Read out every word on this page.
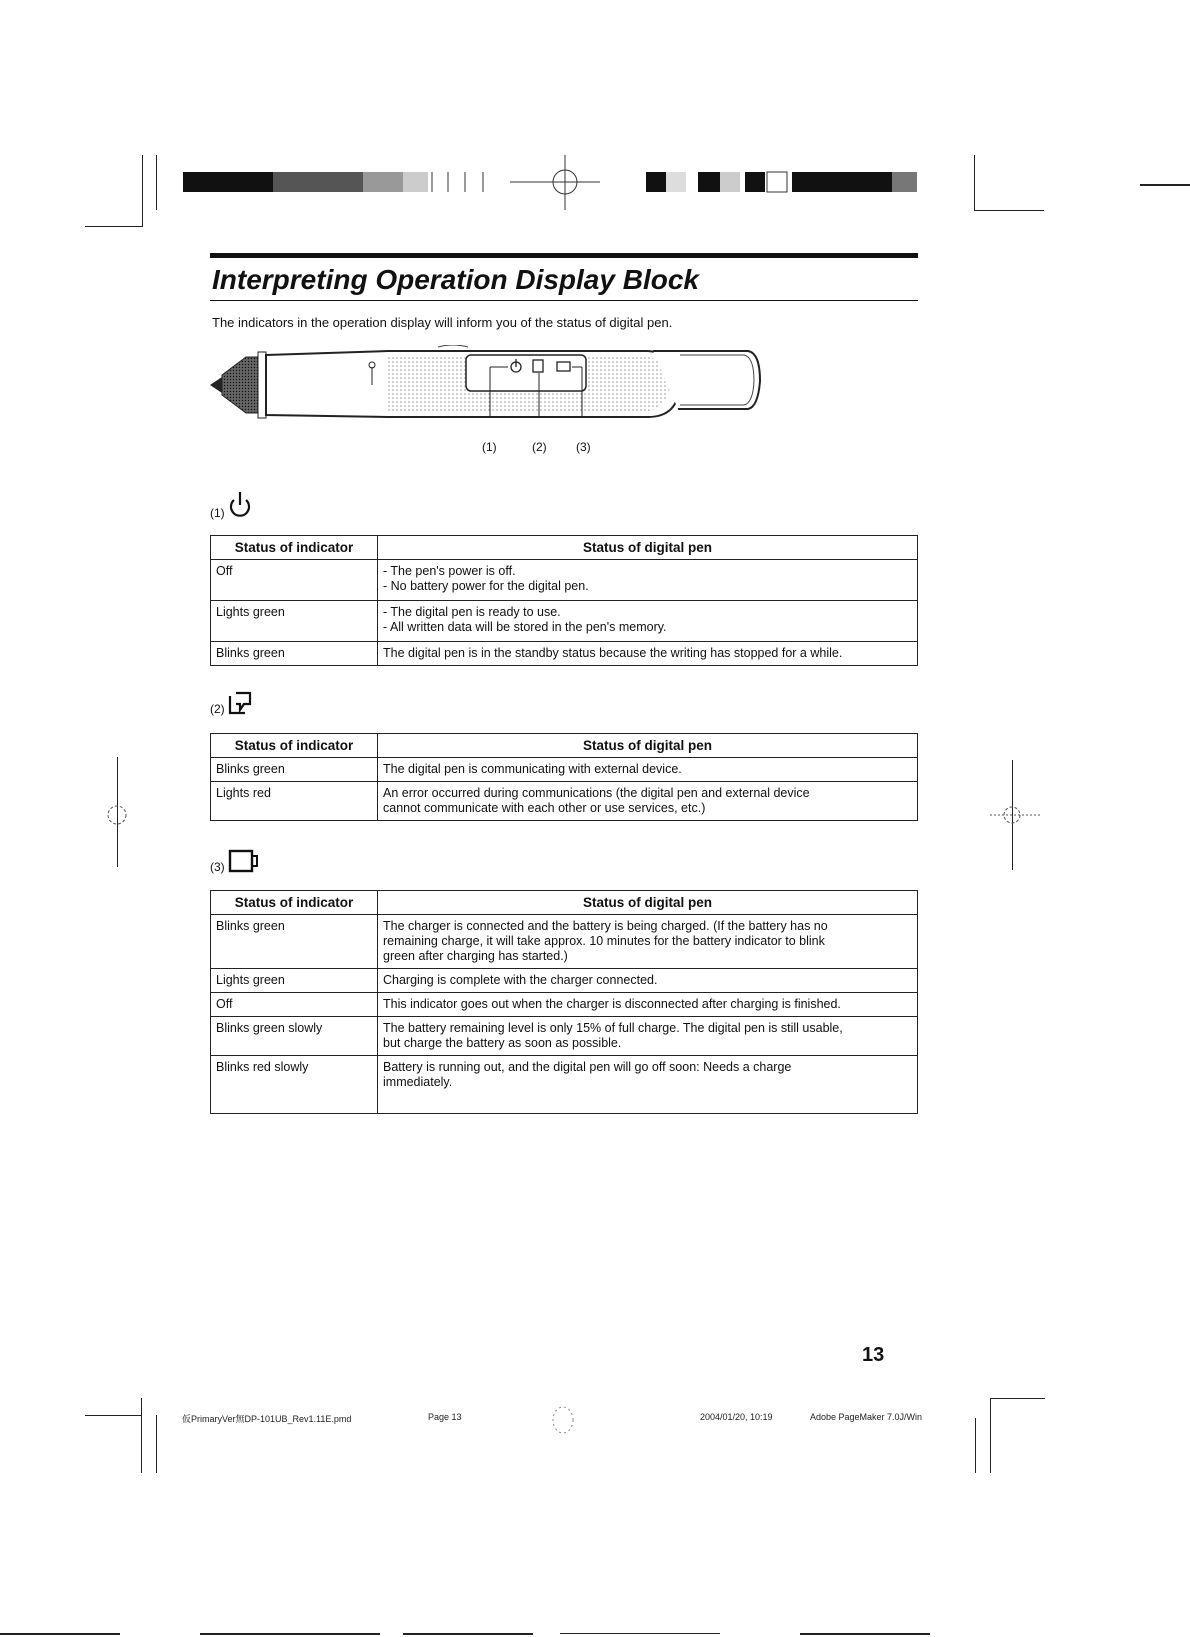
Interpreting Operation Display Block
The indicators in the operation display will inform you of the status of digital pen.
(1)	(2) (3)
(1)
Status of indicator	Status of digital pen
Off	- The pen's power is off.
- No battery power for the digital pen.

Lights green	- The digital pen is ready to use.
- All written data will be stored in the pen's memory.

Blinks green	The digital pen is in the standby status because the writing has stopped for a while.
(2)
Status of indicator	Status of digital pen
Blinks green	The digital pen is communicating with external device.

Lights red	An error occurred during communications (the digital pen and external device
cannot communicate with each other or use services, etc.)
(3)
Status of indicator	Status of digital pen
Blinks green	The charger is connected and the battery is being charged. (If the battery has no
remaining charge, it will take approx. 10 minutes for the battery indicator to blink
green after charging has started.)

Lights green	Charging is complete with the charger connected.

Off	This indicator goes out when the charger is disconnected after charging is finished.

Blinks green slowly	The battery remaining level is only 15% of full charge. The digital pen is still usable,
but charge the battery as soon as possible.

Blinks red slowly	Battery is running out, and the digital pen will go off soon: Needs a charge
immediately.
13
仮PrimaryVer無DP-101UB_Rev1.11E.pmd	Page 13	2004/01/20, 10:19	Adobe PageMaker 7.0J/Win
